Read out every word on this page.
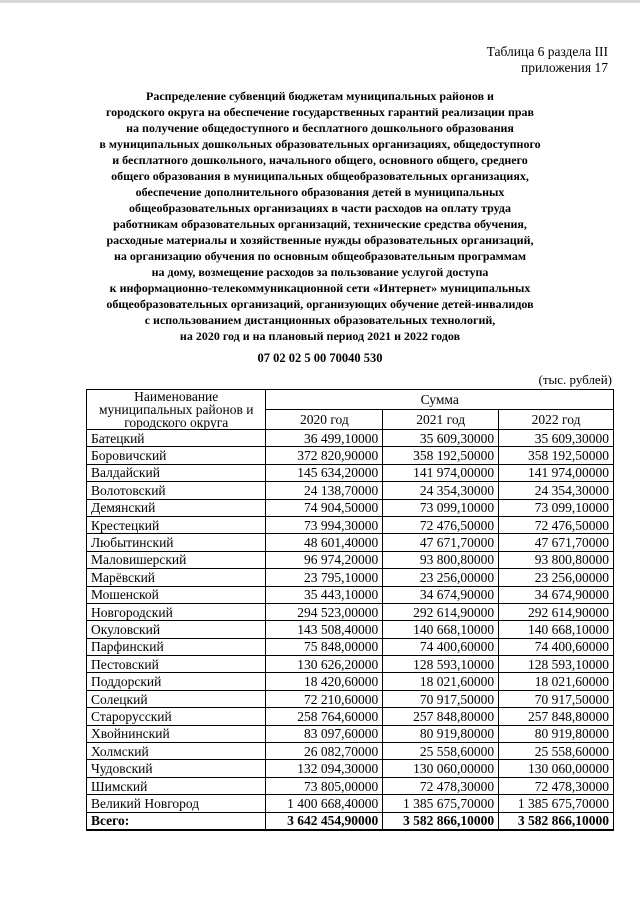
Таблица 6 раздела III
приложения 17
Распределение субвенций бюджетам муниципальных районов и
городского округа на обеспечение государственных гарантий реализации прав
на получение общедоступного и бесплатного дошкольного образования
в муниципальных дошкольных образовательных организациях, общедоступного
и бесплатного дошкольного, начального общего, основного общего, среднего
общего образования в муниципальных общеобразовательных организациях,
обеспечение дополнительного образования детей в муниципальных
общеобразовательных организациях в части расходов на оплату труда
работникам образовательных организаций, технические средства обучения,
расходные материалы и хозяйственные нужды образовательных организаций,
на организацию обучения по основным общеобразовательным программам
на дому, возмещение расходов за пользование услугой доступа
к информационно-телекоммуникационной сети «Интернет» муниципальных
общеобразовательных организаций, организующих обучение детей-инвалидов
с использованием дистанционных образовательных технологий,
на 2020 год и на плановый период 2021 и 2022 годов
07 02 02 5 00 70040 530
(тыс. рублей)
Наименование муниципальных районов и городского округа	Сумма		
	2020 год	2021 год	2022 год
Батецкий	36 499,10000	35 609,30000	35 609,30000
Боровичский	372 820,90000	358 192,50000	358 192,50000
Валдайский	145 634,20000	141 974,00000	141 974,00000
Волотовский	24 138,70000	24 354,30000	24 354,30000
Демянский	74 904,50000	73 099,10000	73 099,10000
Крестецкий	73 994,30000	72 476,50000	72 476,50000
Любытинский	48 601,40000	47 671,70000	47 671,70000
Маловишерский	96 974,20000	93 800,80000	93 800,80000
Марёвский	23 795,10000	23 256,00000	23 256,00000
Мошенской	35 443,10000	34 674,90000	34 674,90000
Новгородский	294 523,00000	292 614,90000	292 614,90000
Окуловский	143 508,40000	140 668,10000	140 668,10000
Парфинский	75 848,00000	74 400,60000	74 400,60000
Пестовский	130 626,20000	128 593,10000	128 593,10000
Поддорский	18 420,60000	18 021,60000	18 021,60000
Солецкий	72 210,60000	70 917,50000	70 917,50000
Старорусский	258 764,60000	257 848,80000	257 848,80000
Хвойнинский	83 097,60000	80 919,80000	80 919,80000
Холмский	26 082,70000	25 558,60000	25 558,60000
Чудовский	132 094,30000	130 060,00000	130 060,00000
Шимский	73 805,00000	72 478,30000	72 478,30000
Великий Новгород	1 400 668,40000	1 385 675,70000	1 385 675,70000
Всего:	3 642 454,90000	3 582 866,10000	3 582 866,10000
